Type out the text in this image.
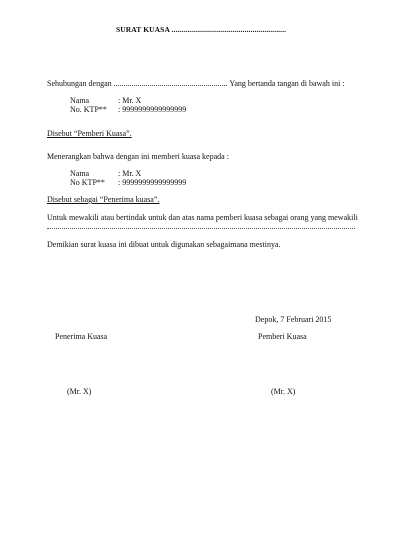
SURAT KUASA ..........................................................
Sehubungan dengan ......................................................... Yang bertanda tangan di bawah ini :
Nama	: Mr. X
No. KTP** : 9999999999999999
Disebut “Pemberi Kuasa”.
Menerangkan bahwa dengan ini memberi kuasa kepada :
Nama	: Mr. X
No KTP** : 9999999999999999
Disebut sebagai “Penerima kuasa”.
Untuk mewakili atau bertindak untuk dan atas nama pemberi kuasa sebagai orang yang mewakili
Demikian surat kuasa ini dibuat untuk digunakan sebagaimana mestinya.
Depok, 7 Februari 2015
Penerima Kuasa	Pemberi Kuasa
(Mr. X)	(Mr. X)
